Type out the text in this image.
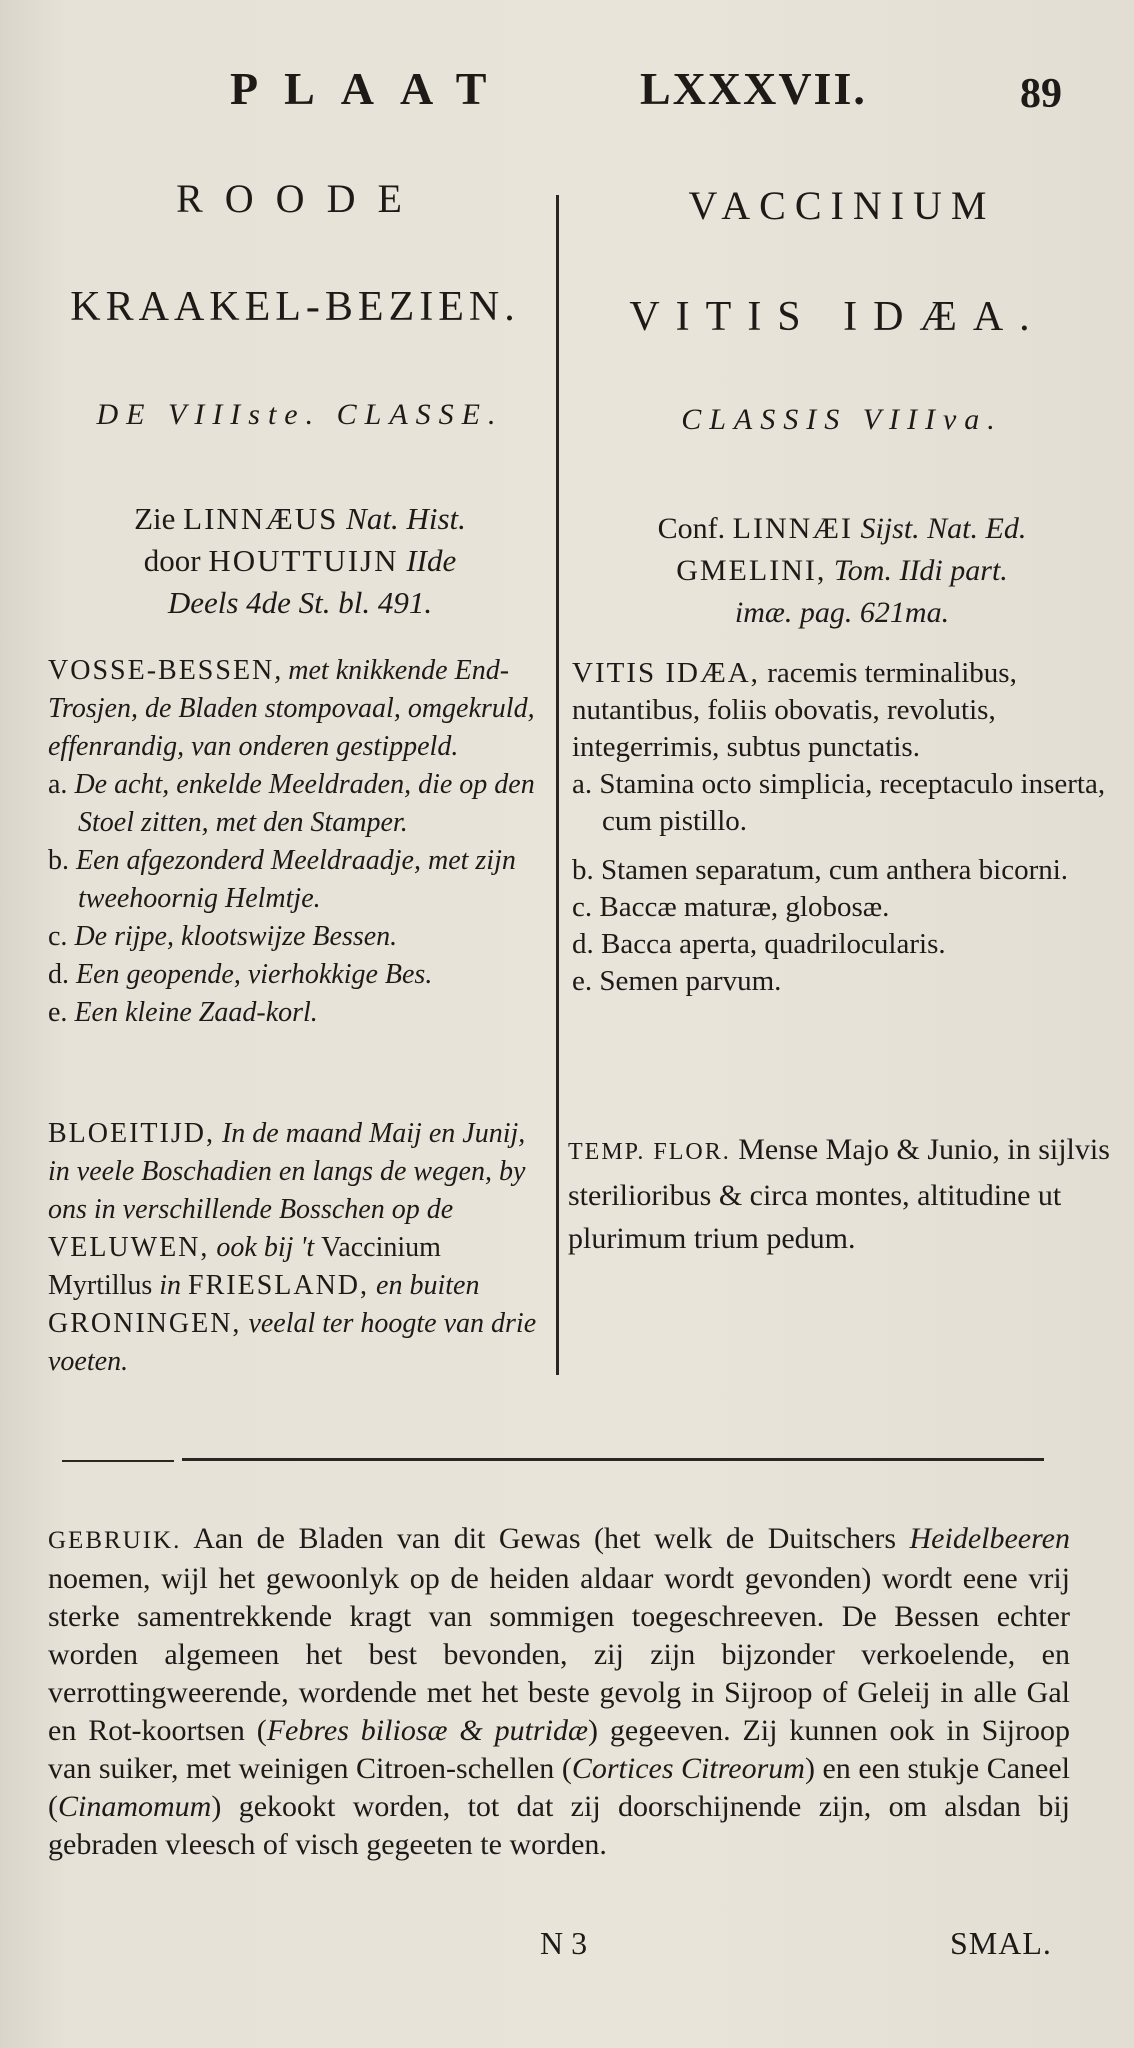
PLAAT	LXXXVII.	89
ROODE
KRAAKEL-BEZIEN.
DE VIIIste. CLASSE.
Zie LINNÆUS Nat. Hist.
door HOUTTUIJN IIde
Deels 4de St. bl. 491.

VOSSE-BESSEN, met knikkende End-Trosjen, de Bladen stompovaal, omgekruld, effenrandig, van onderen gestippeld.

a. De acht, enkelde Meeldraden, die op den Stoel zitten, met den Stamper.

b. Een afgezonderd Meeldraadje, met zijn tweehoornig Helmtje.

c. De rijpe, klootswijze Bessen.

d. Een geopende, vierhokkige Bes.

e. Een kleine Zaad-korl.

BLOEITIJD, In de maand Maij en Junij, in veele Boschadien en langs de wegen, by ons in verschillende Bosschen op de VELUWEN, ook bij 't Vaccinium Myrtillus in FRIESLAND, en buiten GRONINGEN, veelal ter hoogte van drie voeten.
VACCINIUM
VITIS IDÆA.
CLASSIS VIIIva.
Conf. LINNÆI Sijst. Nat. Ed.
GMELINI, Tom. IIdi part.
imæ. pag. 621ma.

VITIS IDÆA, racemis terminalibus, nutantibus, foliis obovatis, revolutis, integerrimis, subtus punctatis.

a. Stamina octo simplicia, receptaculo inserta, cum pistillo.

b. Stamen separatum, cum anthera bicorni.

c. Baccæ maturæ, globosæ.

d. Bacca aperta, quadrilocularis.

e. Semen parvum.

TEMP. FLOR. Mense Majo & Junio, in sijlvis sterilioribus & circa montes, altitudine ut plurimum trium pedum.
GEBRUIK. Aan de Bladen van dit Gewas (het welk de Duitschers Heidelbeeren noemen, wijl het gewoonlyk op de heiden aldaar wordt gevonden) wordt eene vrij sterke samentrekkende kragt van sommigen toegeschreeven. De Bessen echter worden algemeen het best bevonden, zij zijn bijzonder verkoelende, en verrottingweerende, wordende met het beste gevolg in Sijroop of Geleij in alle Gal en Rot-koortsen (Febres biliosæ & putridæ) gegeeven. Zij kunnen ook in Sijroop van suiker, met weinigen Citroen-schellen (Cortices Citreorum) en een stukje Caneel (Cinamomum) gekookt worden, tot dat zij doorschijnende zijn, om alsdan bij gebraden vleesch of visch gegeeten te worden.
N 3	SMAL.
